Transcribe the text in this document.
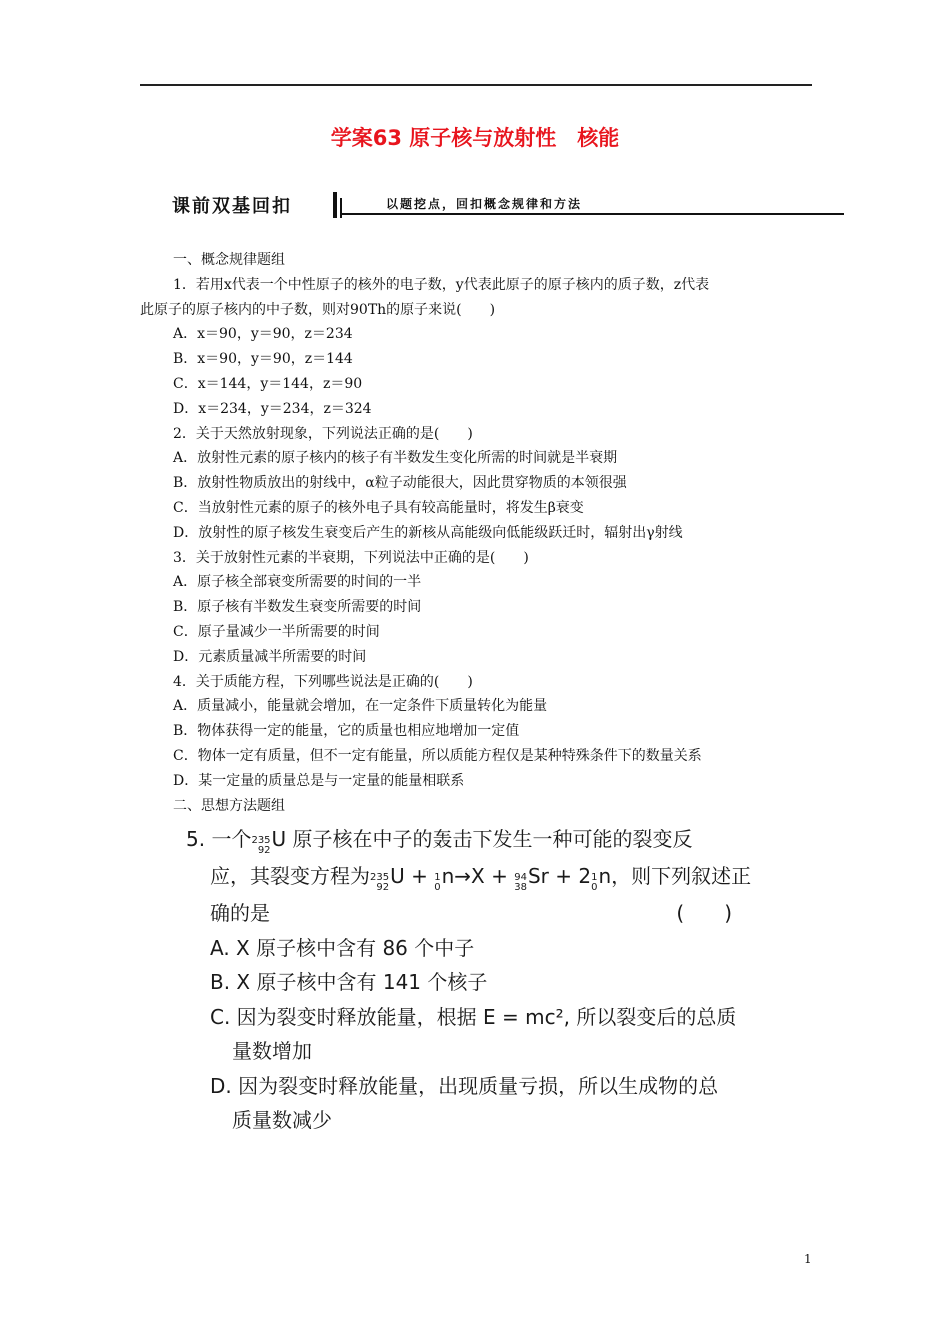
学案63 原子核与放射性　核能
课前双基回扣	以题挖点，回扣概念规律和方法
一、概念规律题组
1．若用x代表一个中性原子的核外的电子数，y代表此原子的原子核内的质子数，z代表
此原子的原子核内的中子数，则对90Th的原子来说(　　)
A．x＝90，y＝90，z＝234
B．x＝90，y＝90，z＝144
C．x＝144，y＝144，z＝90
D．x＝234，y＝234，z＝324
2．关于天然放射现象，下列说法正确的是(　　)
A．放射性元素的原子核内的核子有半数发生变化所需的时间就是半衰期
B．放射性物质放出的射线中，α粒子动能很大，因此贯穿物质的本领很强
C．当放射性元素的原子的核外电子具有较高能量时，将发生β衰变
D．放射性的原子核发生衰变后产生的新核从高能级向低能级跃迁时，辐射出γ射线
3．关于放射性元素的半衰期，下列说法中正确的是(　　)
A．原子核全部衰变所需要的时间的一半
B．原子核有半数发生衰变所需要的时间
C．原子量减少一半所需要的时间
D．元素质量减半所需要的时间
4．关于质能方程，下列哪些说法是正确的(　　)
A．质量减小，能量就会增加，在一定条件下质量转化为能量
B．物体获得一定的能量，它的质量也相应地增加一定值
C．物体一定有质量，但不一定有能量，所以质能方程仅是某种特殊条件下的数量关系
D．某一定量的质量总是与一定量的能量相联系
二、思想方法题组
5. 一个 235
92 U 原子核在中子的轰击下发生一种可能的裂变反
应，其裂变方程为 235
92 U + 1
0 n →X + 94
38 Sr + 2 1
0 n ，则下列叙述正
确的是	(　　)
A. X 原子核中含有 86 个中子
B. X 原子核中含有 141 个核子
C. 因为裂变时释放能量，根据 E = mc², 所以裂变后的总质
量数增加
D. 因为裂变时释放能量，出现质量亏损，所以生成物的总
质量数减少
1
